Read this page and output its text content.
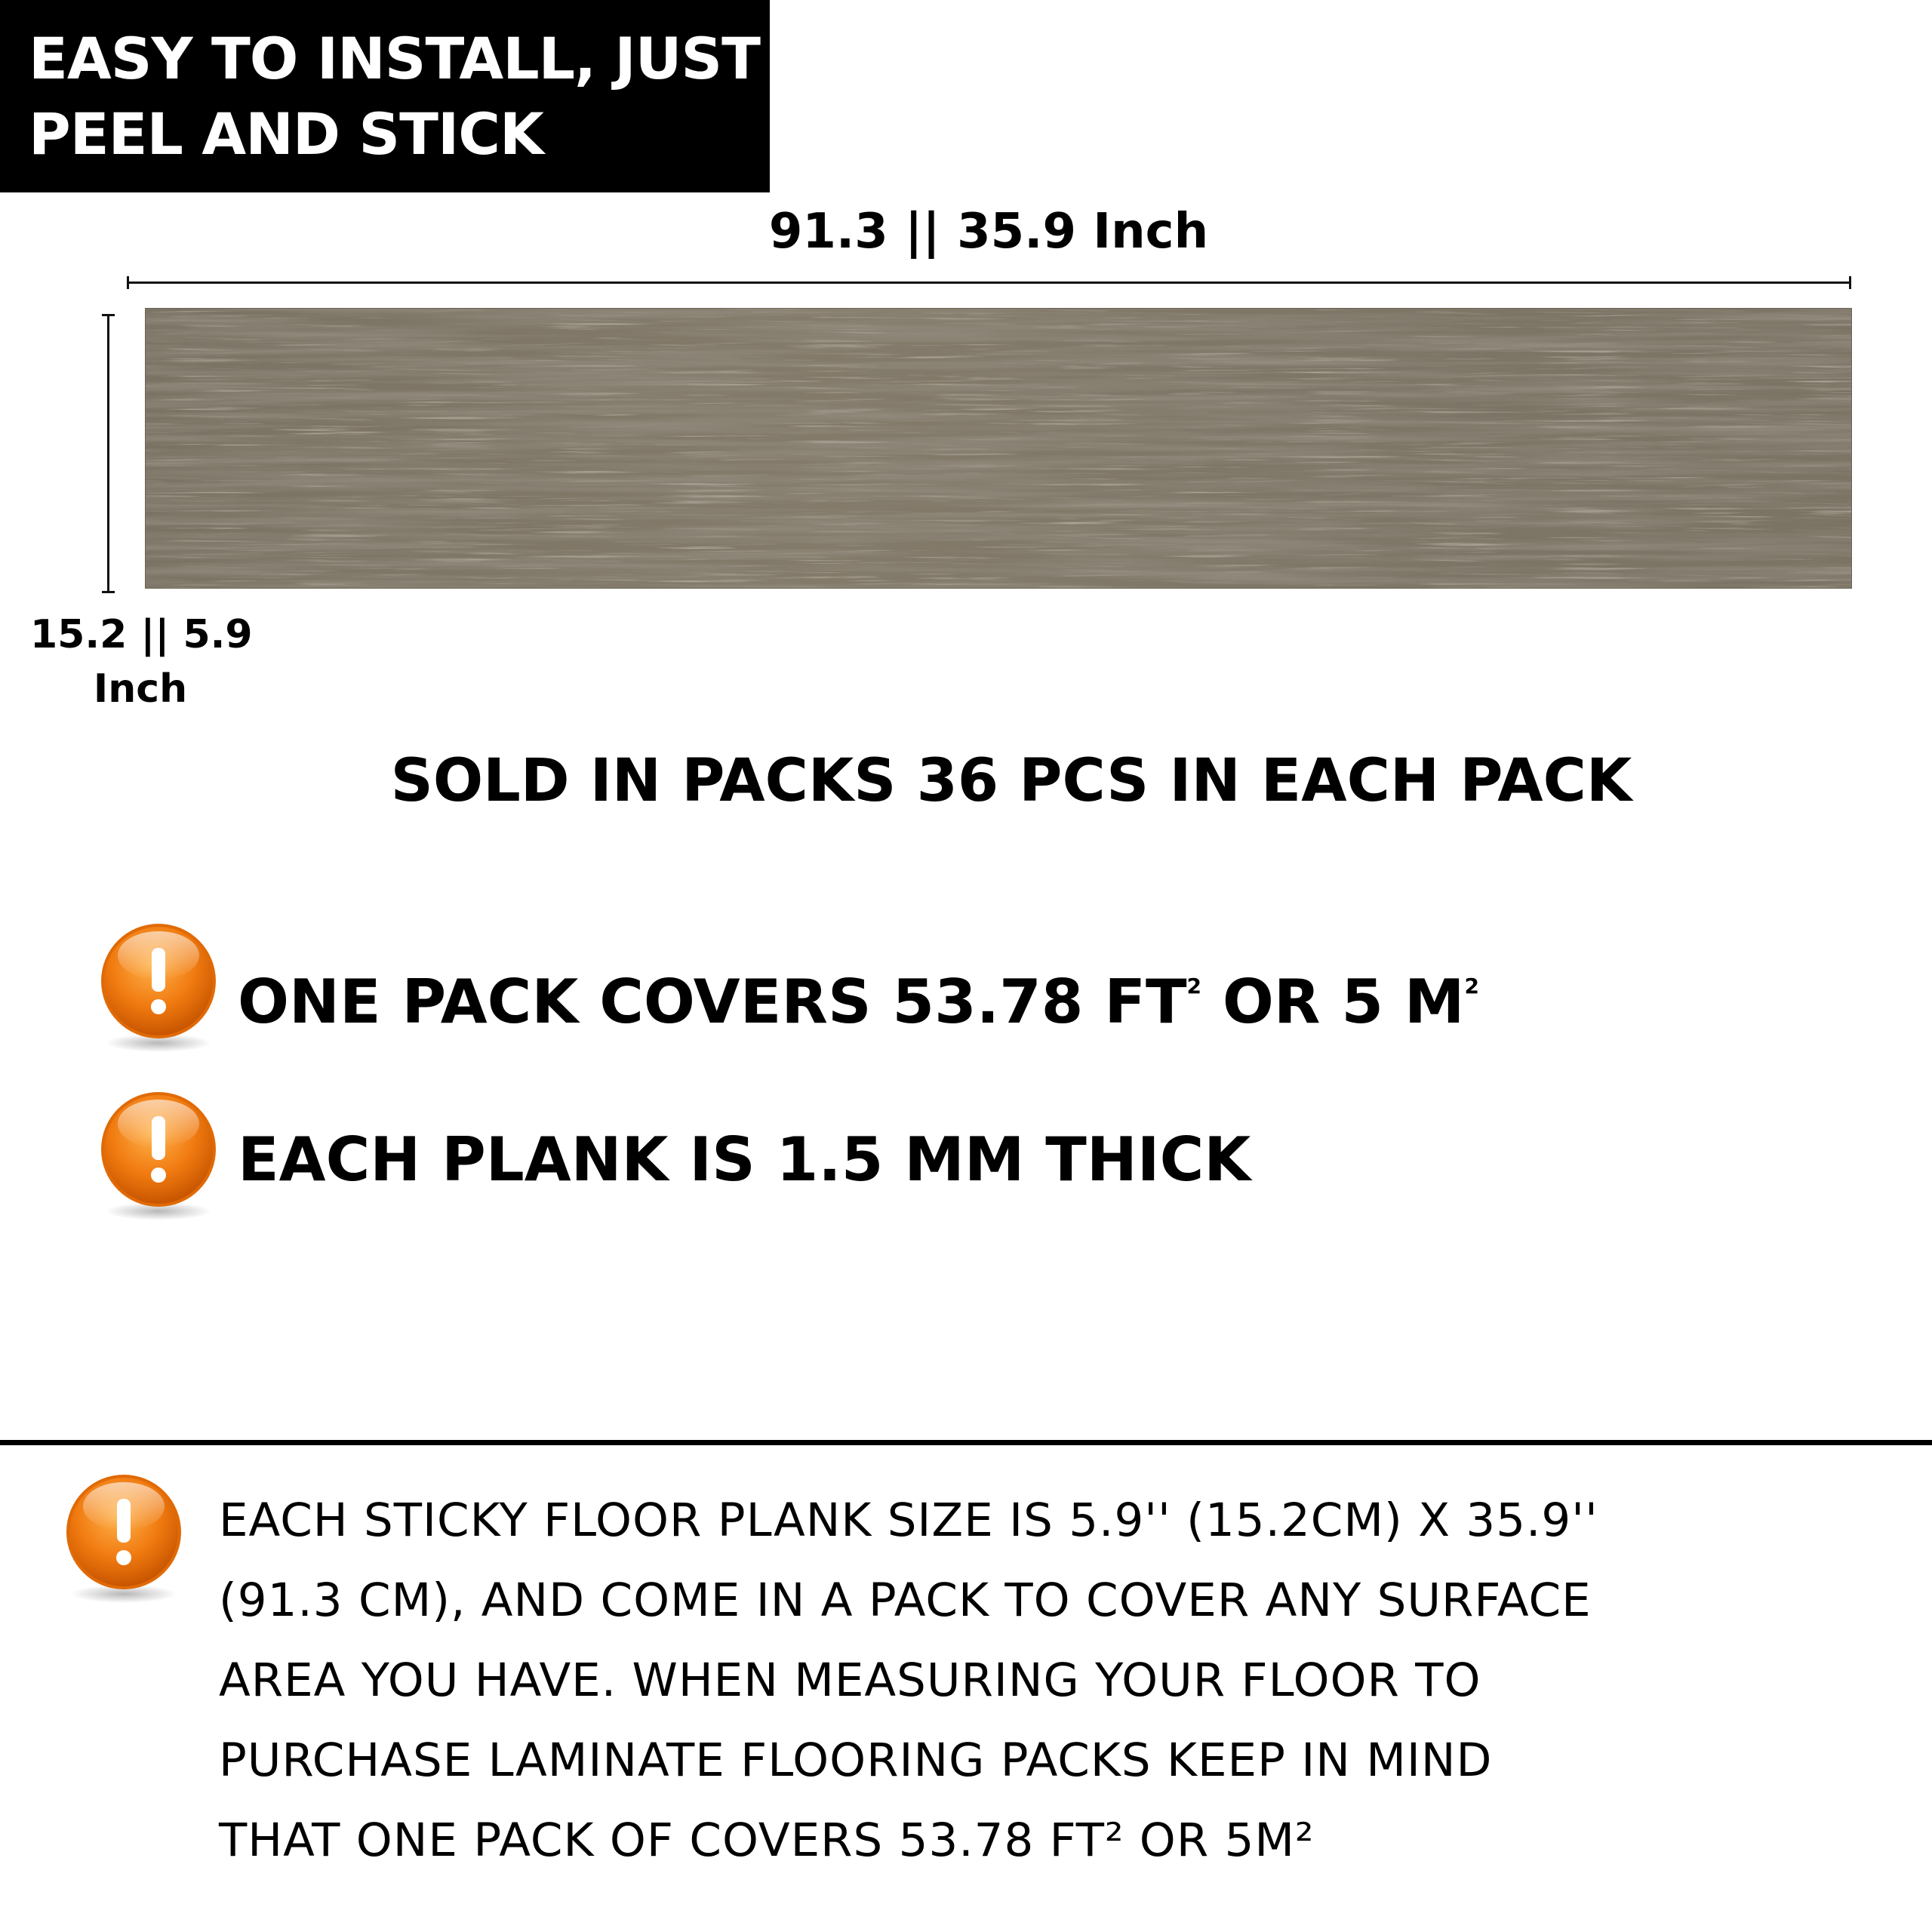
EASY TO INSTALL, JUST
PEEL AND STICK
91.3 || 35.9 Inch
15.2 || 5.9
Inch
SOLD IN PACKS 36 PCS IN EACH PACK
ONE PACK COVERS 53.78 $FT^2$ OR 5 $M^2$
EACH PLANK IS 1.5 MM THICK
EACH STICKY FLOOR PLANK SIZE IS 5.9'' (15.2CM) X 35.9''
(91.3 CM), AND COME IN A PACK TO COVER ANY SURFACE
AREA YOU HAVE. WHEN MEASURING YOUR FLOOR TO
PURCHASE LAMINATE FLOORING PACKS KEEP IN MIND
THAT ONE PACK OF COVERS 53.78 FT² OR 5M²
